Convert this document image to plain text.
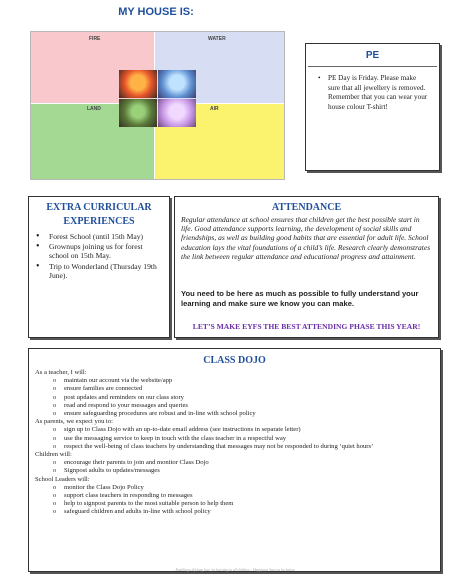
MY HOUSE IS:
FIRE	WATER
LAND	AIR
PE
• PE Day is Friday. Please make sure that all jewellery is removed. Remember that you can wear your house colour T-shirt!
EXTRA CURRICULAR EXPERIENCES
• Forest School (until 15th May)
• Grownups joining us for forest school on 15th May.
• Trip to Wonderland (Thursday 19th June).
ATTENDANCE
Regular attendance at school ensures that children get the best possible start in life. Good attendance supports learning, the development of social skills and friendships, as well as building good habits that are essential for adult life. School education lays the vital foundations of a child’s life. Research clearly demonstrates the link between regular attendance and educational progress and attainment.
You need to be here as much as possible to fully understand your learning and make sure we know you can make.
LET’S MAKE EYFS THE BEST ATTENDING PHASE THIS YEAR!
CLASS DOJO
As a teacher, I will:
o maintain our account via the website/app
o ensure families are connected
o post updates and reminders on our class story
o read and respond to your messages and queries
o ensure safeguarding procedures are robust and in-line with school policy
As parents, we expect you to:
o sign up to Class Dojo with an up-to-date email address (see instructions in separate letter)
o use the messaging service to keep in touch with the class teacher in a respectful way
o respect the well-being of class teachers by understanding that messages may not be responded to during ‘quiet hours’
Children will:
o encourage their parents to join and monitor Class Dojo
o Signpost adults to updates/messages
School Leaders will:
o monitor the Class Dojo Policy
o support class teachers in responding to messages
o help to signpost parents to the most suitable person to help them
o safeguard children and adults in-line with school policy
Enabling a lifelong love for learning in all children – Happiness Success Inclusion
